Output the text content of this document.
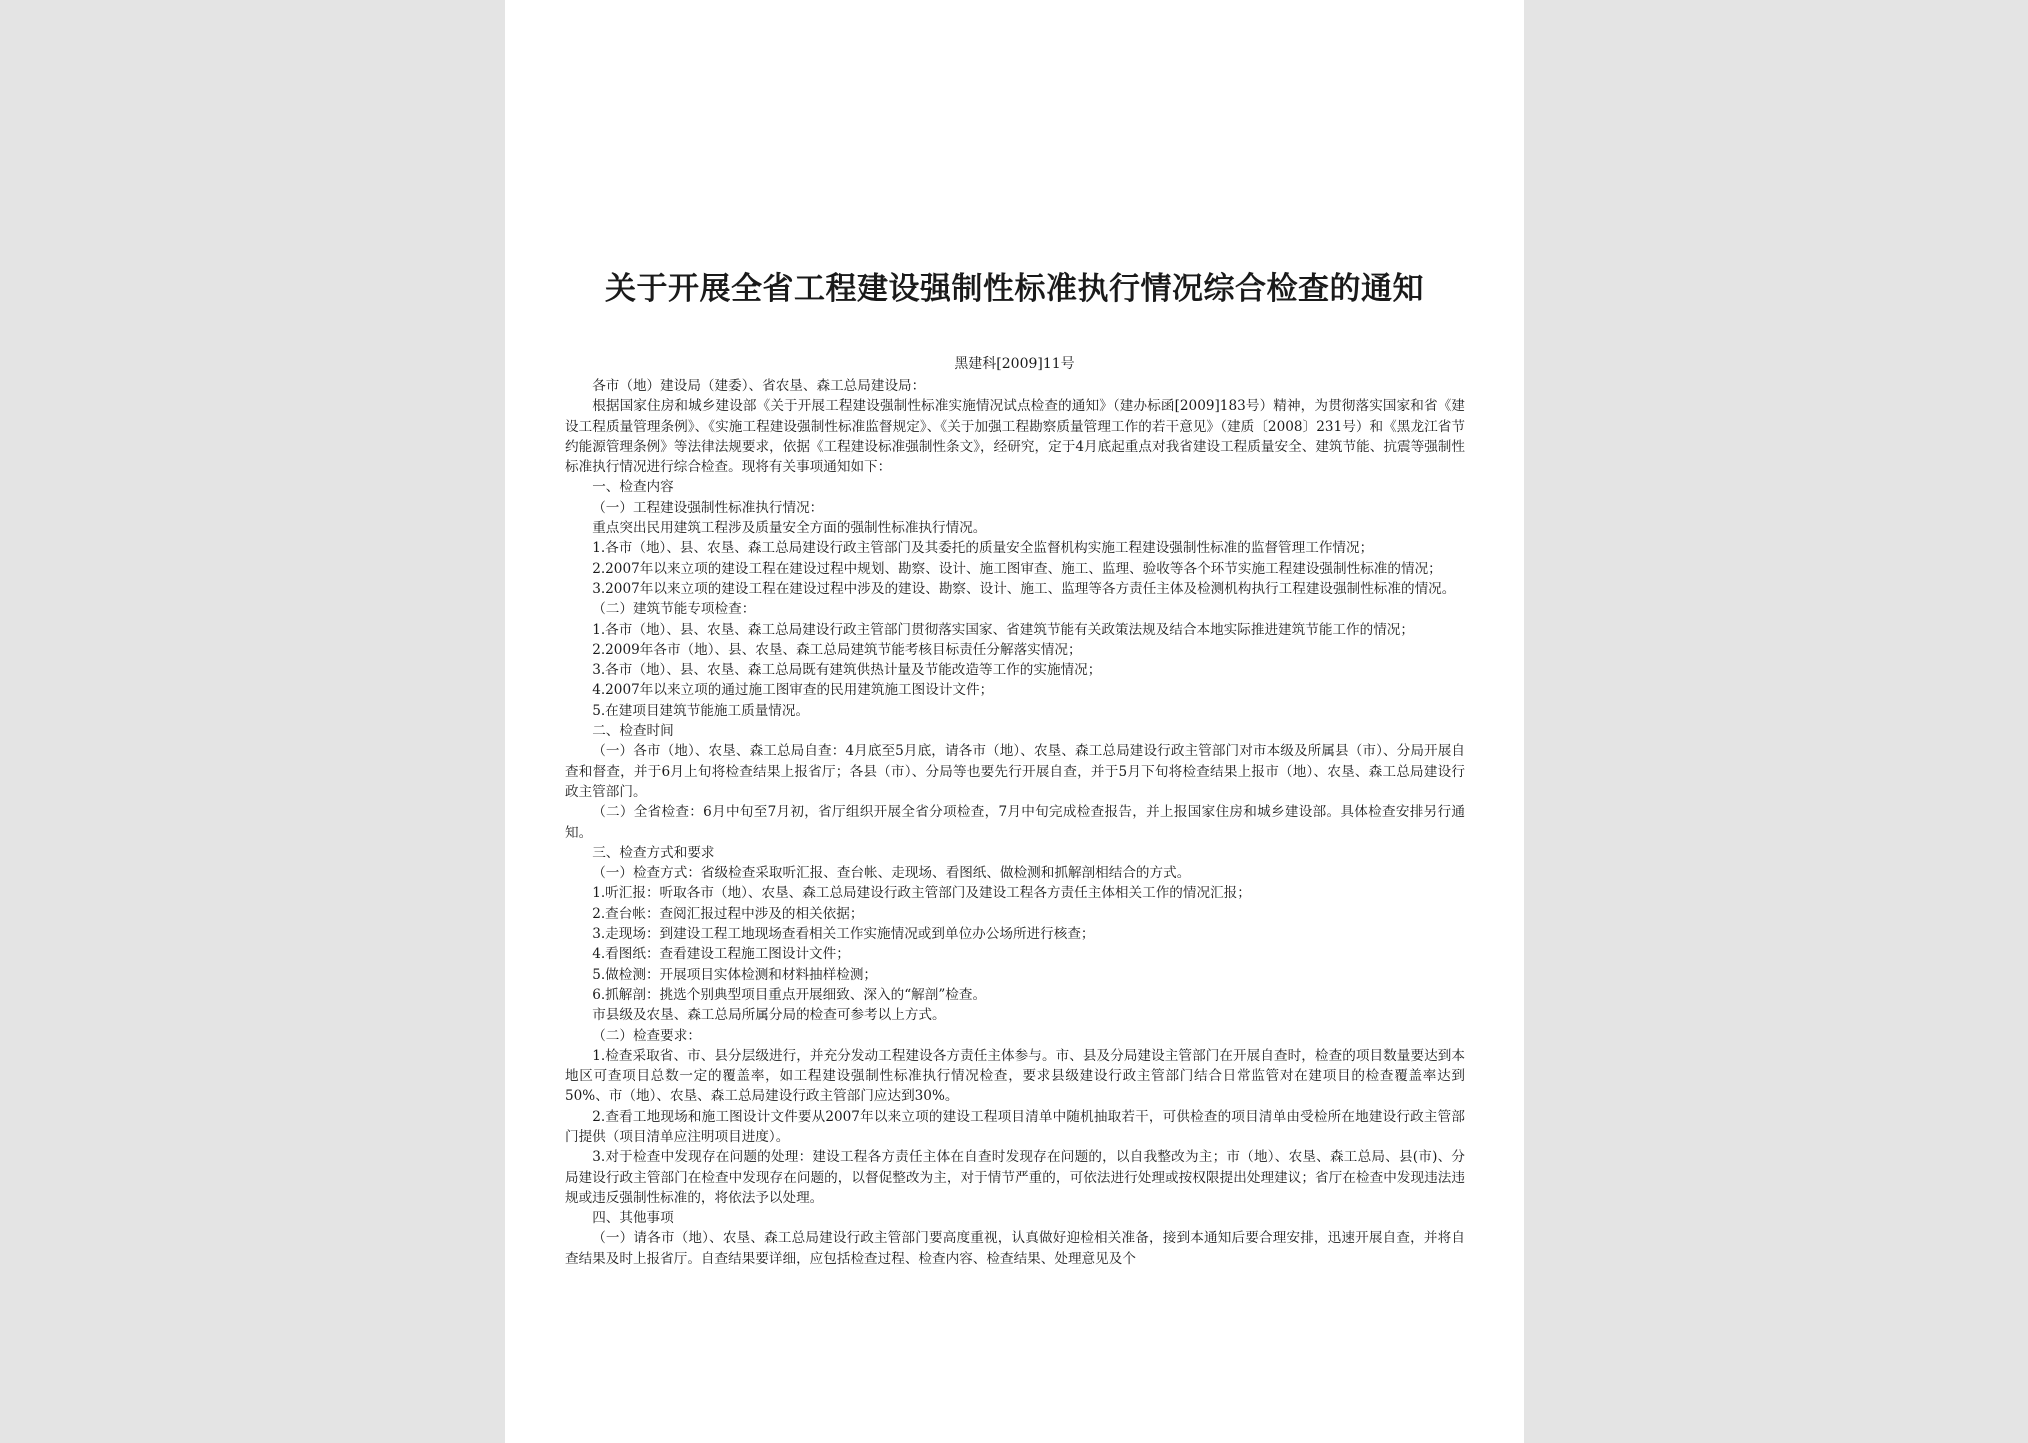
关于开展全省工程建设强制性标准执行情况综合检查的通知
黑建科[2009]11号

各市（地）建设局（建委）、省农垦、森工总局建设局：

根据国家住房和城乡建设部《关于开展工程建设强制性标准实施情况试点检查的通知》（建办标函[2009]183号）精神，为贯彻落实国家和省《建设工程质量管理条例》、《实施工程建设强制性标准监督规定》、《关于加强工程勘察质量管理工作的若干意见》（建质〔2008〕231号）和《黑龙江省节约能源管理条例》等法律法规要求，依据《工程建设标准强制性条文》，经研究，定于4月底起重点对我省建设工程质量安全、建筑节能、抗震等强制性标准执行情况进行综合检查。现将有关事项通知如下：

一、检查内容

（一）工程建设强制性标准执行情况：

重点突出民用建筑工程涉及质量安全方面的强制性标准执行情况。

1.各市（地）、县、农垦、森工总局建设行政主管部门及其委托的质量安全监督机构实施工程建设强制性标准的监督管理工作情况；

2.2007年以来立项的建设工程在建设过程中规划、勘察、设计、施工图审查、施工、监理、验收等各个环节实施工程建设强制性标准的情况；

3.2007年以来立项的建设工程在建设过程中涉及的建设、勘察、设计、施工、监理等各方责任主体及检测机构执行工程建设强制性标准的情况。

（二）建筑节能专项检查：

1.各市（地）、县、农垦、森工总局建设行政主管部门贯彻落实国家、省建筑节能有关政策法规及结合本地实际推进建筑节能工作的情况；

2.2009年各市（地）、县、农垦、森工总局建筑节能考核目标责任分解落实情况；

3.各市（地）、县、农垦、森工总局既有建筑供热计量及节能改造等工作的实施情况；

4.2007年以来立项的通过施工图审查的民用建筑施工图设计文件；

5.在建项目建筑节能施工质量情况。

二、检查时间

（一）各市（地）、农垦、森工总局自查：4月底至5月底，请各市（地）、农垦、森工总局建设行政主管部门对市本级及所属县（市）、分局开展自查和督查，并于6月上旬将检查结果上报省厅；各县（市）、分局等也要先行开展自查，并于5月下旬将检查结果上报市（地）、农垦、森工总局建设行政主管部门。

（二）全省检查：6月中旬至7月初，省厅组织开展全省分项检查，7月中旬完成检查报告，并上报国家住房和城乡建设部。具体检查安排另行通知。

三、检查方式和要求

（一）检查方式：省级检查采取听汇报、查台帐、走现场、看图纸、做检测和抓解剖相结合的方式。

1.听汇报：听取各市（地）、农垦、森工总局建设行政主管部门及建设工程各方责任主体相关工作的情况汇报；

2.查台帐：查阅汇报过程中涉及的相关依据；

3.走现场：到建设工程工地现场查看相关工作实施情况或到单位办公场所进行核查；

4.看图纸：查看建设工程施工图设计文件；

5.做检测：开展项目实体检测和材料抽样检测；

6.抓解剖：挑选个别典型项目重点开展细致、深入的“解剖”检查。

市县级及农垦、森工总局所属分局的检查可参考以上方式。

（二）检查要求：

1.检查采取省、市、县分层级进行，并充分发动工程建设各方责任主体参与。市、县及分局建设主管部门在开展自查时，检查的项目数量要达到本地区可查项目总数一定的覆盖率，如工程建设强制性标准执行情况检查，要求县级建设行政主管部门结合日常监管对在建项目的检查覆盖率达到50%、市（地）、农垦、森工总局建设行政主管部门应达到30%。

2.查看工地现场和施工图设计文件要从2007年以来立项的建设工程项目清单中随机抽取若干，可供检查的项目清单由受检所在地建设行政主管部门提供（项目清单应注明项目进度）。

3.对于检查中发现存在问题的处理：建设工程各方责任主体在自查时发现存在问题的，以自我整改为主；市（地）、农垦、森工总局、县(市)、分局建设行政主管部门在检查中发现存在问题的，以督促整改为主，对于情节严重的，可依法进行处理或按权限提出处理建议；省厅在检查中发现违法违规或违反强制性标准的，将依法予以处理。

四、其他事项

（一）请各市（地）、农垦、森工总局建设行政主管部门要高度重视，认真做好迎检相关准备，接到本通知后要合理安排，迅速开展自查，并将自查结果及时上报省厅。自查结果要详细，应包括检查过程、检查内容、检查结果、处理意见及个
